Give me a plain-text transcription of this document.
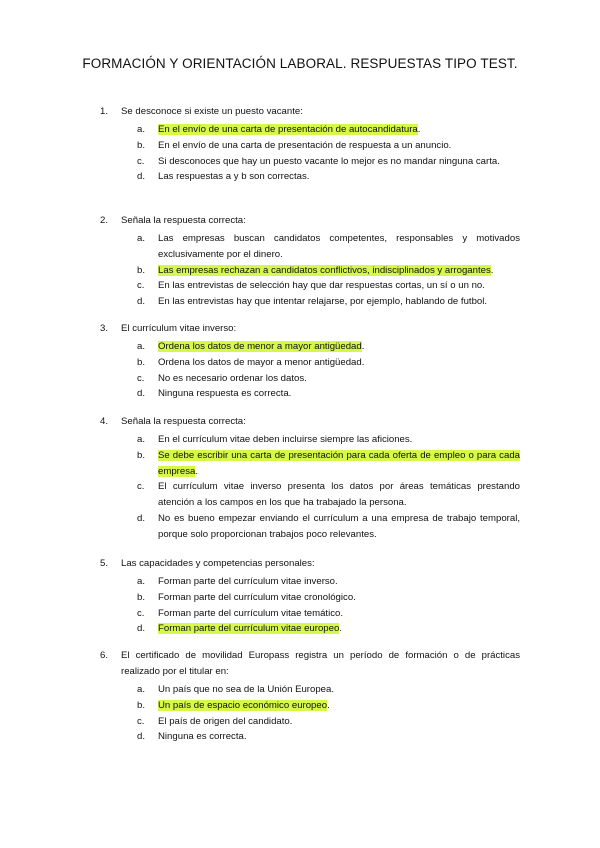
FORMACIÓN Y ORIENTACIÓN LABORAL. RESPUESTAS TIPO TEST.
1.	Se desconoce si existe un puesto vacante:
a.	En el envío de una carta de presentación de autocandidatura.
b.	En el envío de una carta de presentación de respuesta a un anuncio.
c.	Si desconoces que hay un puesto vacante lo mejor es no mandar ninguna carta.
d.	Las respuestas a y b son correctas.
2.	Señala la respuesta correcta:
a.	Las empresas buscan candidatos competentes, responsables y motivados exclusivamente por el dinero.
b.	Las empresas rechazan a candidatos conflictivos, indisciplinados y arrogantes.
c.	En las entrevistas de selección hay que dar respuestas cortas, un sí o un no.
d.	En las entrevistas hay que intentar relajarse, por ejemplo, hablando de futbol.
3.	El currículum vitae inverso:
a.	Ordena los datos de menor a mayor antigüedad.
b.	Ordena los datos de mayor a menor antigüedad.
c.	No es necesario ordenar los datos.
d.	Ninguna respuesta es correcta.
4.	Señala la respuesta correcta:
a.	En el currículum vitae deben incluirse siempre las aficiones.
b.	Se debe escribir una carta de presentación para cada oferta de empleo o para cada empresa.
c.	El currículum vitae inverso presenta los datos por áreas temáticas prestando atención a los campos en los que ha trabajado la persona.
d.	No es bueno empezar enviando el currículum a una empresa de trabajo temporal, porque solo proporcionan trabajos poco relevantes.
5.	Las capacidades y competencias personales:
a.	Forman parte del currículum vitae inverso.
b.	Forman parte del currículum vitae cronológico.
c.	Forman parte del currículum vitae temático.
d.	Forman parte del currículum vitae europeo.
6.	El certificado de movilidad Europass registra un período de formación o de prácticas realizado por el titular en:
a.	Un país que no sea de la Unión Europea.
b.	Un país de espacio económico europeo.
c.	El país de origen del candidato.
d.	Ninguna es correcta.
